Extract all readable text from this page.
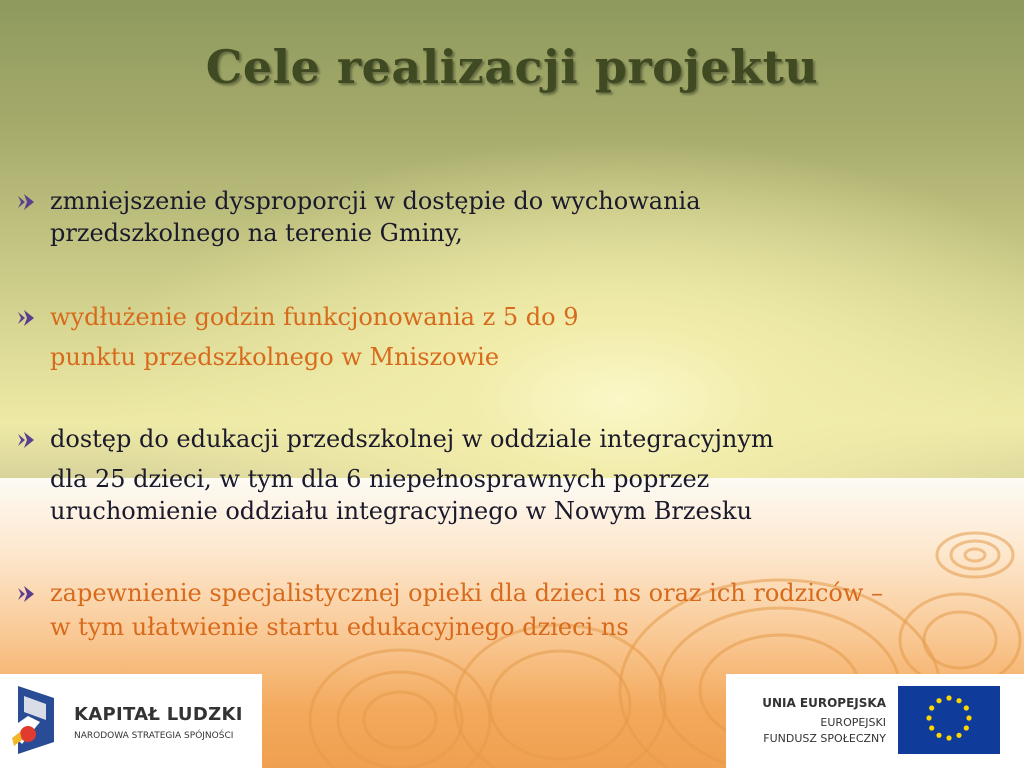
Cele realizacji projektu
zmniejszenie dysproporcji w dostępie do wychowania
przedszkolnego na terenie Gminy,
wydłużenie godzin funkcjonowania z 5 do 9
punktu przedszkolnego w Mniszowie
dostęp do edukacji przedszkolnej w oddziale integracyjnym
dla 25 dzieci, w tym dla 6 niepełnosprawnych poprzez
uruchomienie oddziału integracyjnego w Nowym Brzesku
zapewnienie specjalistycznej opieki dla dzieci ns oraz ich rodziców –
w tym ułatwienie startu edukacyjnego dzieci ns
KAPITAŁ LUDZKI
NARODOWA STRATEGIA SPÓJNOŚCI
UNIA EUROPEJSKA
EUROPEJSKI
FUNDUSZ SPOŁECZNY
